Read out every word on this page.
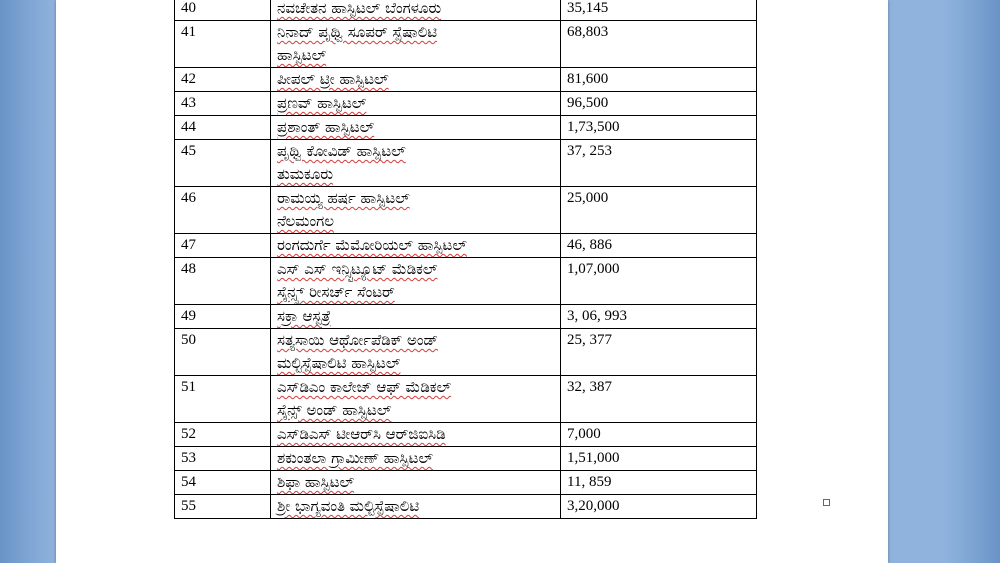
40	ನವಚೇತನ ಹಾಸ್ಪಿಟಲ್ ಬೆಂಗಳೂರು	35,145
41	ನಿನಾದ್ ಪೃಥ್ವಿ ಸೂಪರ್ ಸ್ಪೆಷಾಲಿಟಿ
ಹಾಸ್ಪಿಟಲ್	68,803
42	ಪೀಪಲ್ ಟ್ರೀ ಹಾಸ್ಪಿಟಲ್	81,600
43	ಪ್ರಣವ್ ಹಾಸ್ಪಿಟಲ್	96,500
44	ಪ್ರಶಾಂತ್ ಹಾಸ್ಪಿಟಲ್	1,73,500
45	ಪೃಥ್ವಿ ಕೋವಿಡ್ ಹಾಸ್ಪಿಟಲ್
ತುಮಕೂರು	37, 253
46	ರಾಮಯ್ಯ ಹರ್ಷ ಹಾಸ್ಪಿಟಲ್
ನೆಲಮಂಗಲ	25,000
47	ರಂಗದುರ್ಗೆ ಮೆಮೋರಿಯಲ್ ಹಾಸ್ಪಿಟಲ್	46, 886
48	ಎಸ್ ಎಸ್ ಇನ್ಸ್ಟಿಟ್ಯೂಟ್ ಮೆಡಿಕಲ್
ಸೈನ್ಸ್ಸ್ ರೀಸರ್ಚ್ ಸೆಂಟರ್	1,07,000
49	ಸಕ್ರಾ ಆಸ್ಪತ್ರೆ	3, 06, 993
50	ಸತ್ಯಸಾಯಿ ಆರ್ಥೋಪೆಡಿಕ್ ಅಂಡ್
ಮಲ್ಟಿಸ್ಪೆಷಾಲಿಟಿ ಹಾಸ್ಪಿಟಲ್	25, 377
51	ಎಸ್‌ಡಿಎಂ ಕಾಲೇಜ್ ಆಫ್ ಮೆಡಿಕಲ್
ಸೈನ್ಸ್ ಅಂಡ್ ಹಾಸ್ಪಿಟಲ್	32, 387
52	ಎಸ್‌ಡಿಎಸ್ ಟೀಆರ್‌ಸಿ ಆರ್‌ಜಿಐಸಿಡಿ	7,000
53	ಶಕುಂತಲಾ ಗ್ರಾಮೀಣ್ ಹಾಸ್ಪಿಟಲ್	1,51,000
54	ಶಿಫಾ ಹಾಸ್ಪಿಟಲ್	11, 859
55	ಶ್ರೀ ಭಾಗ್ಯವಂತಿ ಮಲ್ಟಿಸ್ಪೆಷಾಲಿಟಿ	3,20,000
